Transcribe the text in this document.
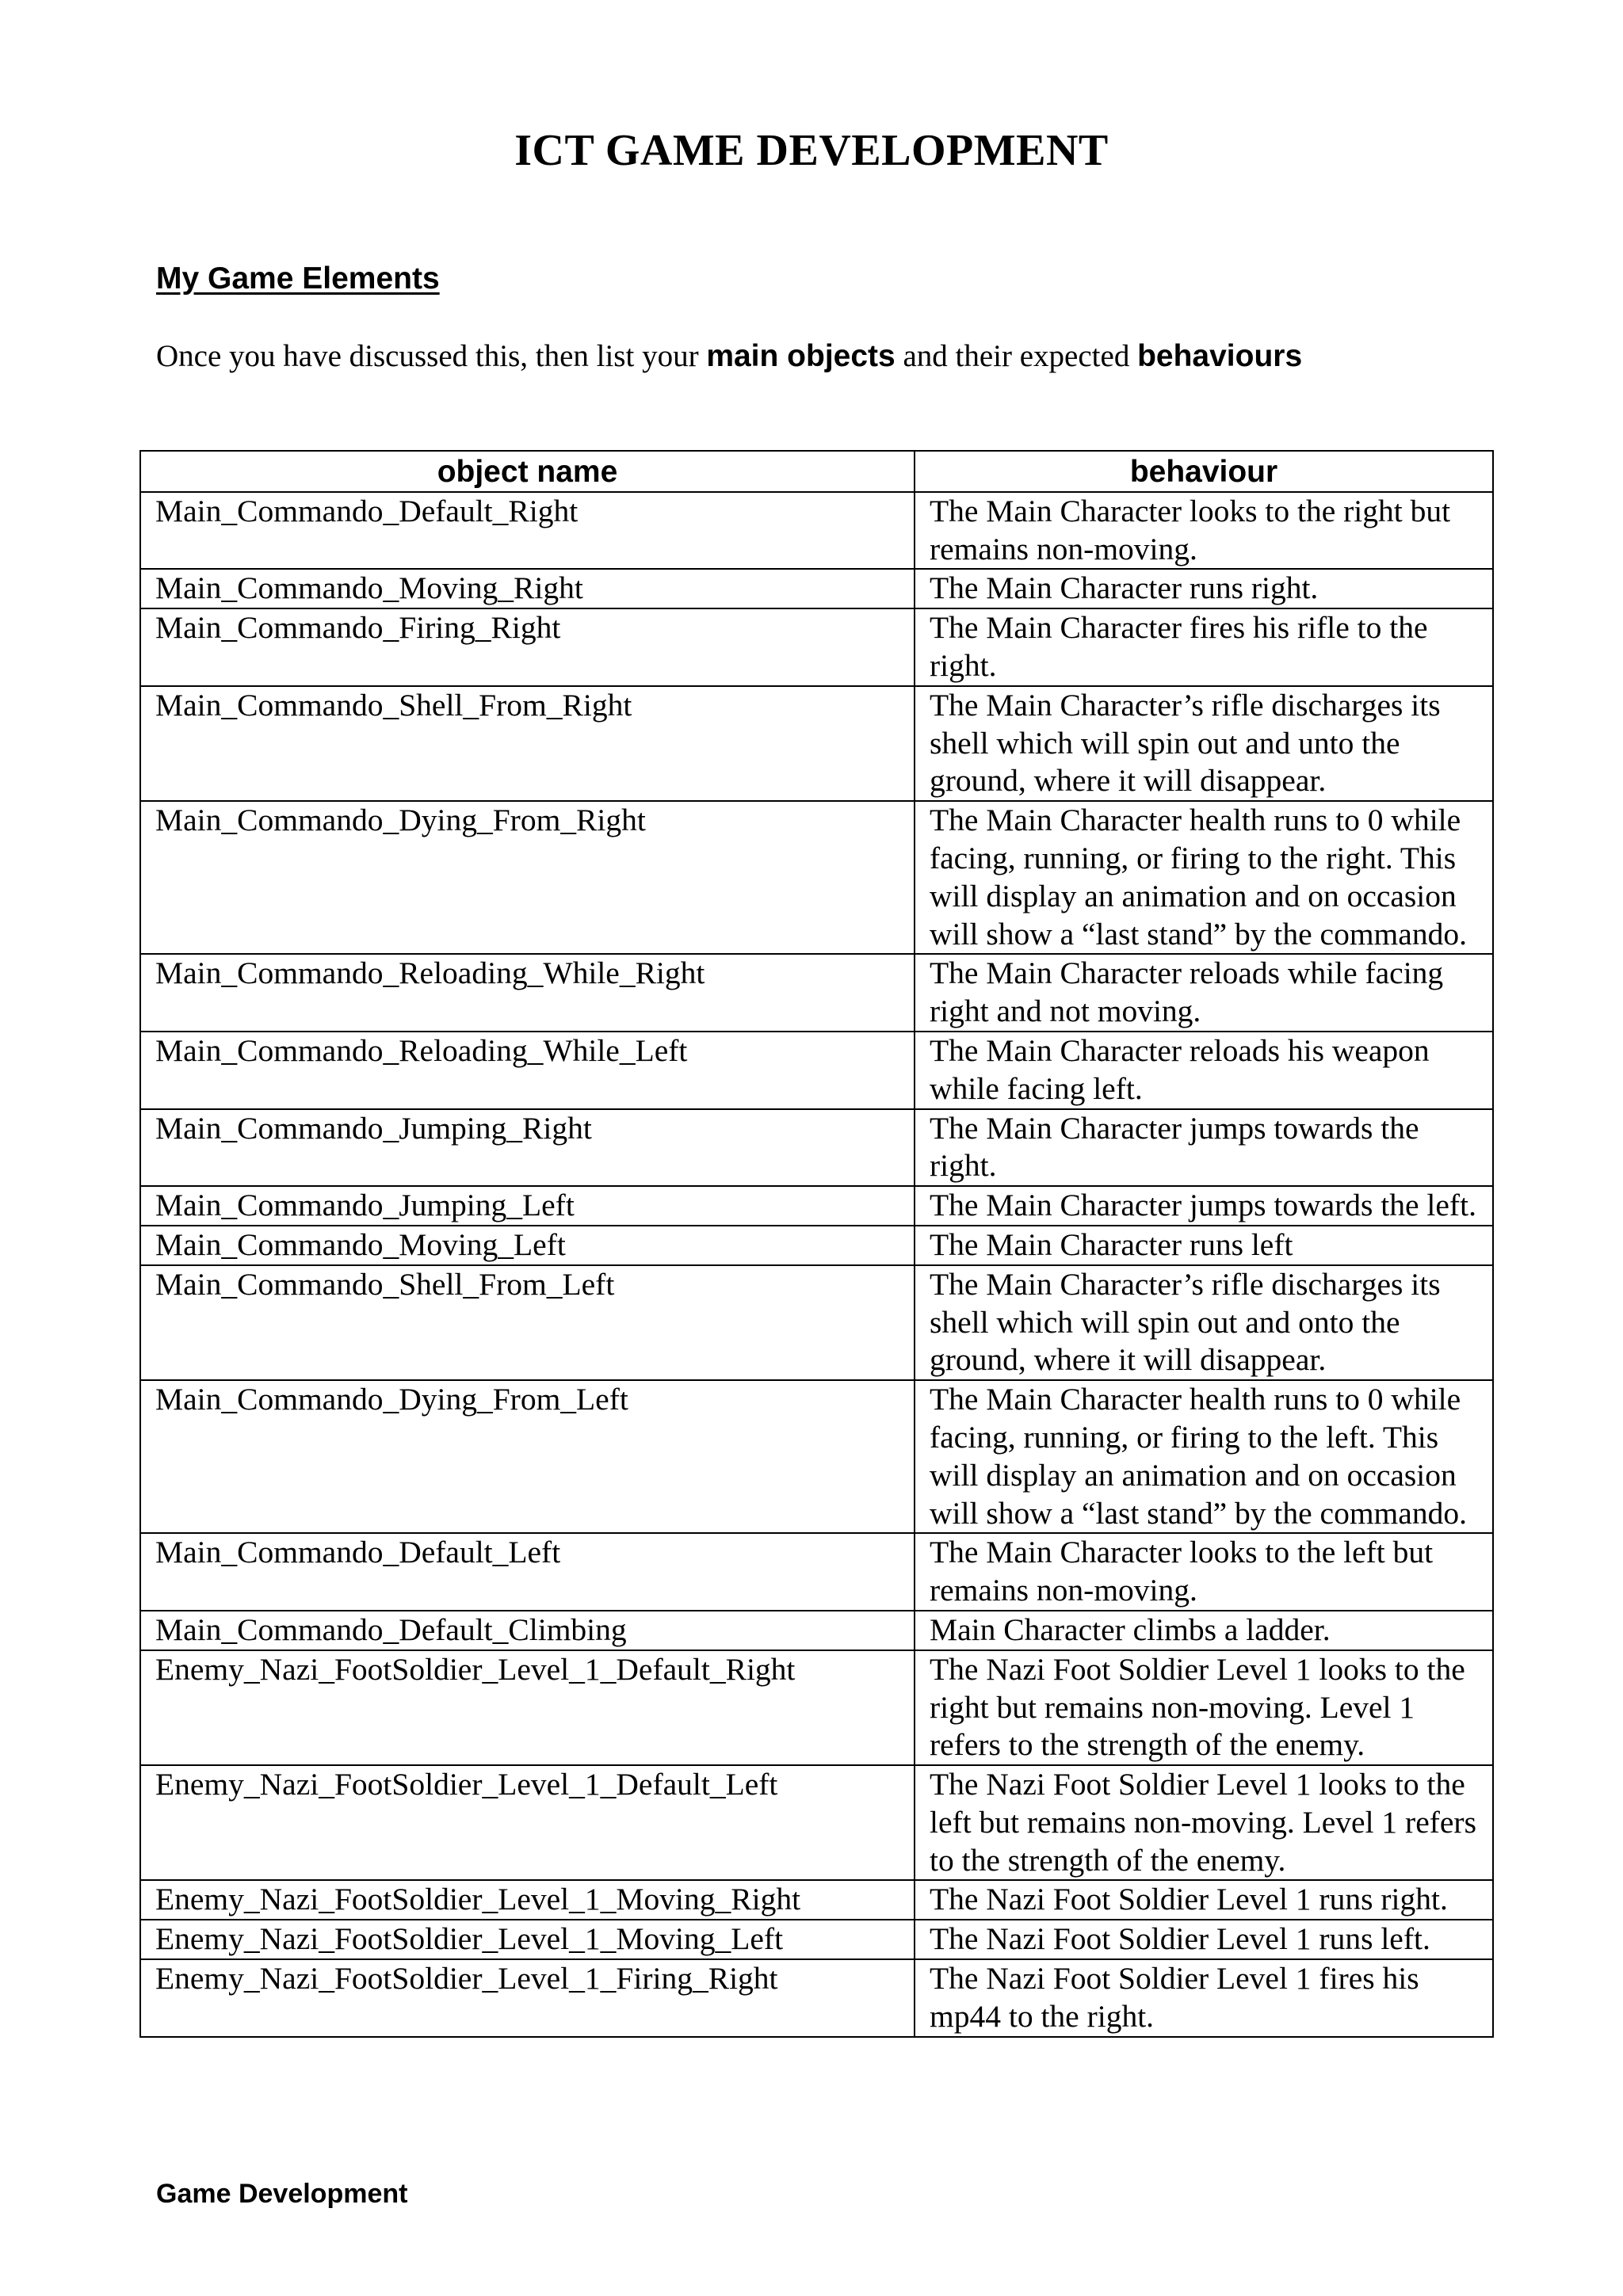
ICT GAME DEVELOPMENT
My Game Elements

Once you have discussed this, then list your main objects and their expected behaviours

object name	behaviour
Main_Commando_Default_Right	The Main Character looks to the right but remains non-moving.
Main_Commando_Moving_Right	The Main Character runs right.
Main_Commando_Firing_Right	The Main Character fires his rifle to the right.
Main_Commando_Shell_From_Right	The Main Character’s rifle discharges its shell which will spin out and unto the ground, where it will disappear.
Main_Commando_Dying_From_Right	The Main Character health runs to 0 while facing, running, or firing to the right. This will display an animation and on occasion will show a “last stand” by the commando.
Main_Commando_Reloading_While_Right	The Main Character reloads while facing right and not moving.
Main_Commando_Reloading_While_Left	The Main Character reloads his weapon while facing left.
Main_Commando_Jumping_Right	The Main Character jumps towards the right.
Main_Commando_Jumping_Left	The Main Character jumps towards the left.
Main_Commando_Moving_Left	The Main Character runs left
Main_Commando_Shell_From_Left	The Main Character’s rifle discharges its shell which will spin out and onto the ground, where it will disappear.
Main_Commando_Dying_From_Left	The Main Character health runs to 0 while facing, running, or firing to the left. This will display an animation and on occasion will show a “last stand” by the commando.
Main_Commando_Default_Left	The Main Character looks to the left but remains non-moving.
Main_Commando_Default_Climbing	Main Character climbs a ladder.
Enemy_Nazi_FootSoldier_Level_1_Default_Right	The Nazi Foot Soldier Level 1 looks to the right but remains non-moving. Level 1 refers to the strength of the enemy.
Enemy_Nazi_FootSoldier_Level_1_Default_Left	The Nazi Foot Soldier Level 1 looks to the left but remains non-moving. Level 1 refers to the strength of the enemy.
Enemy_Nazi_FootSoldier_Level_1_Moving_Right	The Nazi Foot Soldier Level 1 runs right.
Enemy_Nazi_FootSoldier_Level_1_Moving_Left	The Nazi Foot Soldier Level 1 runs left.
Enemy_Nazi_FootSoldier_Level_1_Firing_Right	The Nazi Foot Soldier Level 1 fires his mp44 to the right.
Game Development
